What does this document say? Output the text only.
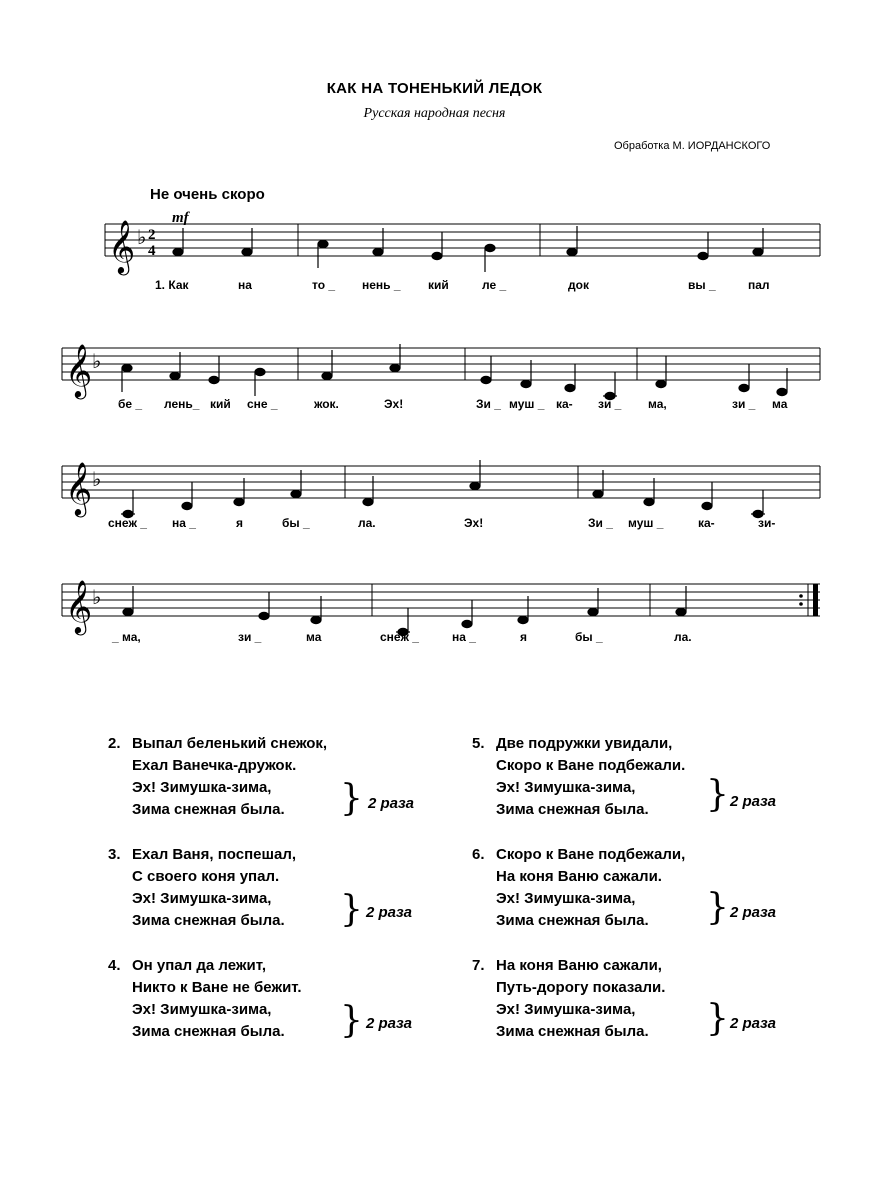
КАК НА ТОНЕНЬКИЙ ЛЕДОК
Русская народная песня
Обработка М. ИОРДАНСКОГО
Не очень скоро
𝄞 ♭ 2
4
mf
𝄞 ♭
𝄞 ♭
𝄞 ♭
1. Как	на	то _ нень _ кий	ле _	док	вы _	пал
бе _ лень_ кий сне _	жок.	Эх!	Зи _ муш _ ка- зи _ ма,	зи _ ма
снеж _ на _	я	бы _	ла.	Эх!	Зи _ муш _	ка-	зи-
_ ма,	зи _	ма	снеж _	на _	я	бы _	ла.
2. Выпал беленький снежок,
Ехал Ванечка-дружок.
Эх! Зимушка-зима,
Зима снежная была.	} 2 раза
3. Ехал Ваня, поспешал,
С своего коня упал.
Эх! Зимушка-зима,
Зима снежная была.	} 2 раза
4. Он упал да лежит,
Никто к Ване не бежит.
Эх! Зимушка-зима,
Зима снежная была.	} 2 раза
5. Две подружки увидали,
Скоро к Ване подбежали.
Эх! Зимушка-зима,
Зима снежная была.	} 2 раза
6. Скоро к Ване подбежали,
На коня Ваню сажали.
Эх! Зимушка-зима,
Зима снежная была.	} 2 раза
7. На коня Ваню сажали,
Путь-дорогу показали.
Эх! Зимушка-зима,
Зима снежная была.	} 2 раза
